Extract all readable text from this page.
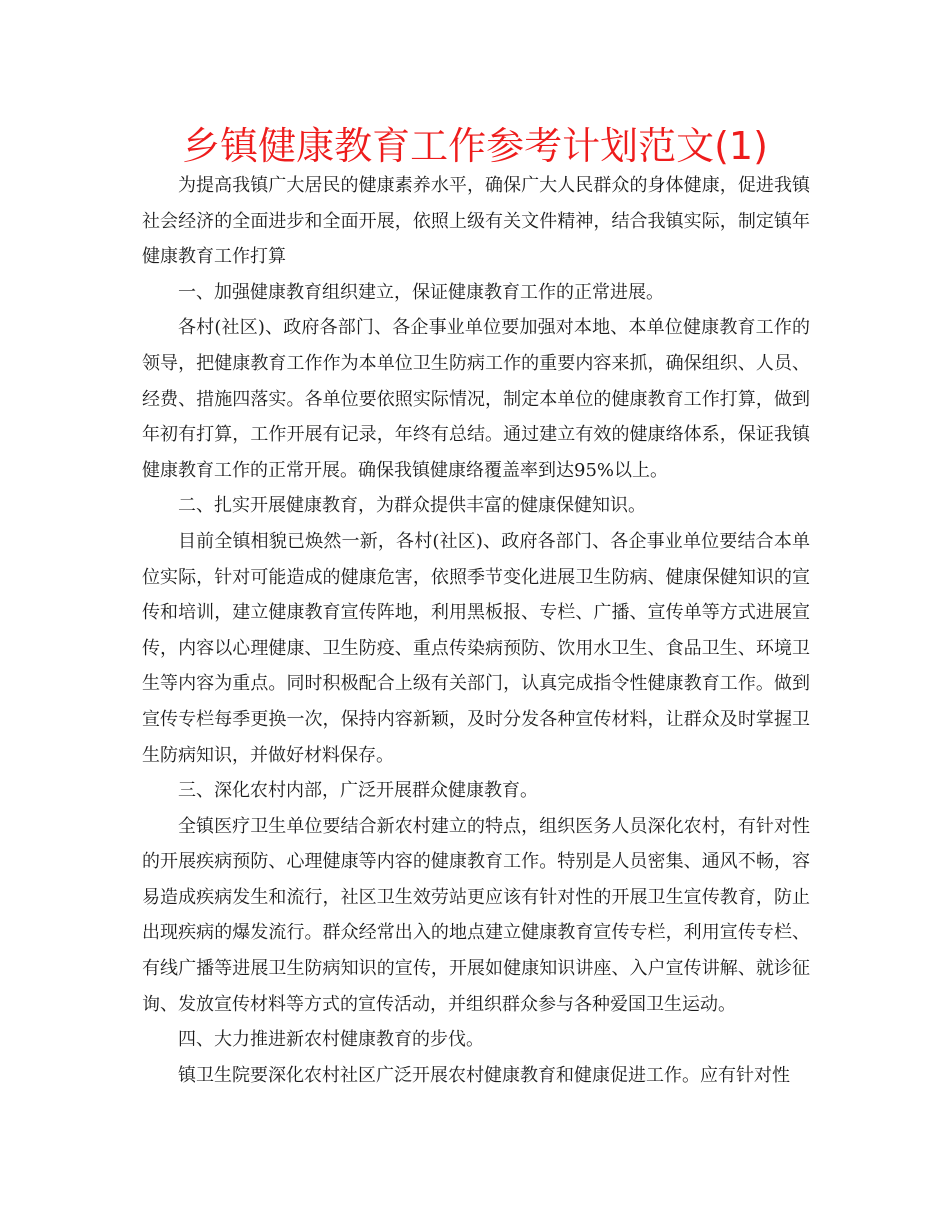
乡镇健康教育工作参考计划范文(1)

为提高我镇广大居民的健康素养水平，确保广大人民群众的身体健康，促进我镇社会经济的全面进步和全面开展，依照上级有关文件精神，结合我镇实际，制定镇年健康教育工作打算

一、加强健康教育组织建立，保证健康教育工作的正常进展。

各村(社区)、政府各部门、各企事业单位要加强对本地、本单位健康教育工作的领导，把健康教育工作作为本单位卫生防病工作的重要内容来抓，确保组织、人员、经费、措施四落实。各单位要依照实际情况，制定本单位的健康教育工作打算，做到年初有打算，工作开展有记录，年终有总结。通过建立有效的健康络体系，保证我镇健康教育工作的正常开展。确保我镇健康络覆盖率到达95%以上。

二、扎实开展健康教育，为群众提供丰富的健康保健知识。

目前全镇相貌已焕然一新，各村(社区)、政府各部门、各企事业单位要结合本单位实际，针对可能造成的健康危害，依照季节变化进展卫生防病、健康保健知识的宣传和培训，建立健康教育宣传阵地，利用黑板报、专栏、广播、宣传单等方式进展宣传，内容以心理健康、卫生防疫、重点传染病预防、饮用水卫生、食品卫生、环境卫生等内容为重点。同时积极配合上级有关部门，认真完成指令性健康教育工作。做到宣传专栏每季更换一次，保持内容新颖，及时分发各种宣传材料，让群众及时掌握卫生防病知识，并做好材料保存。

三、深化农村内部，广泛开展群众健康教育。

全镇医疗卫生单位要结合新农村建立的特点，组织医务人员深化农村，有针对性的开展疾病预防、心理健康等内容的健康教育工作。特别是人员密集、通风不畅，容易造成疾病发生和流行，社区卫生效劳站更应该有针对性的开展卫生宣传教育，防止出现疾病的爆发流行。群众经常出入的地点建立健康教育宣传专栏，利用宣传专栏、有线广播等进展卫生防病知识的宣传，开展如健康知识讲座、入户宣传讲解、就诊征询、发放宣传材料等方式的宣传活动，并组织群众参与各种爱国卫生运动。

四、大力推进新农村健康教育的步伐。

镇卫生院要深化农村社区广泛开展农村健康教育和健康促进工作。应有针对性
